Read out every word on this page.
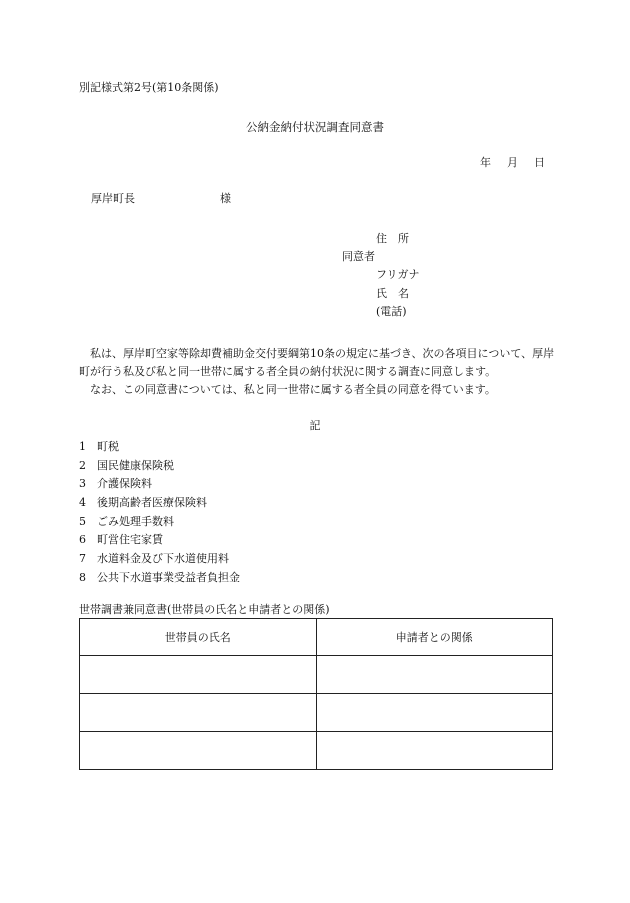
別記様式第2号(第10条関係)
公納金納付状況調査同意書
年 月 日
厚岸町長	様
住　所
同意者
フリガナ
氏　名
(電話)

私は、厚岸町空家等除却費補助金交付要綱第10条の規定に基づき、次の各項目について、厚岸町が行う私及び私と同一世帯に属する者全員の納付状況に関する調査に同意します。

なお、この同意書については、私と同一世帯に属する者全員の同意を得ています。

記
1	町税
2	国民健康保険税
3	介護保険料
4	後期高齢者医療保険料
5	ごみ処理手数料
6	町営住宅家賃
7	水道料金及び下水道使用料
8	公共下水道事業受益者負担金
世帯調書兼同意書(世帯員の氏名と申請者との関係)
世帯員の氏名	申請者との関係
